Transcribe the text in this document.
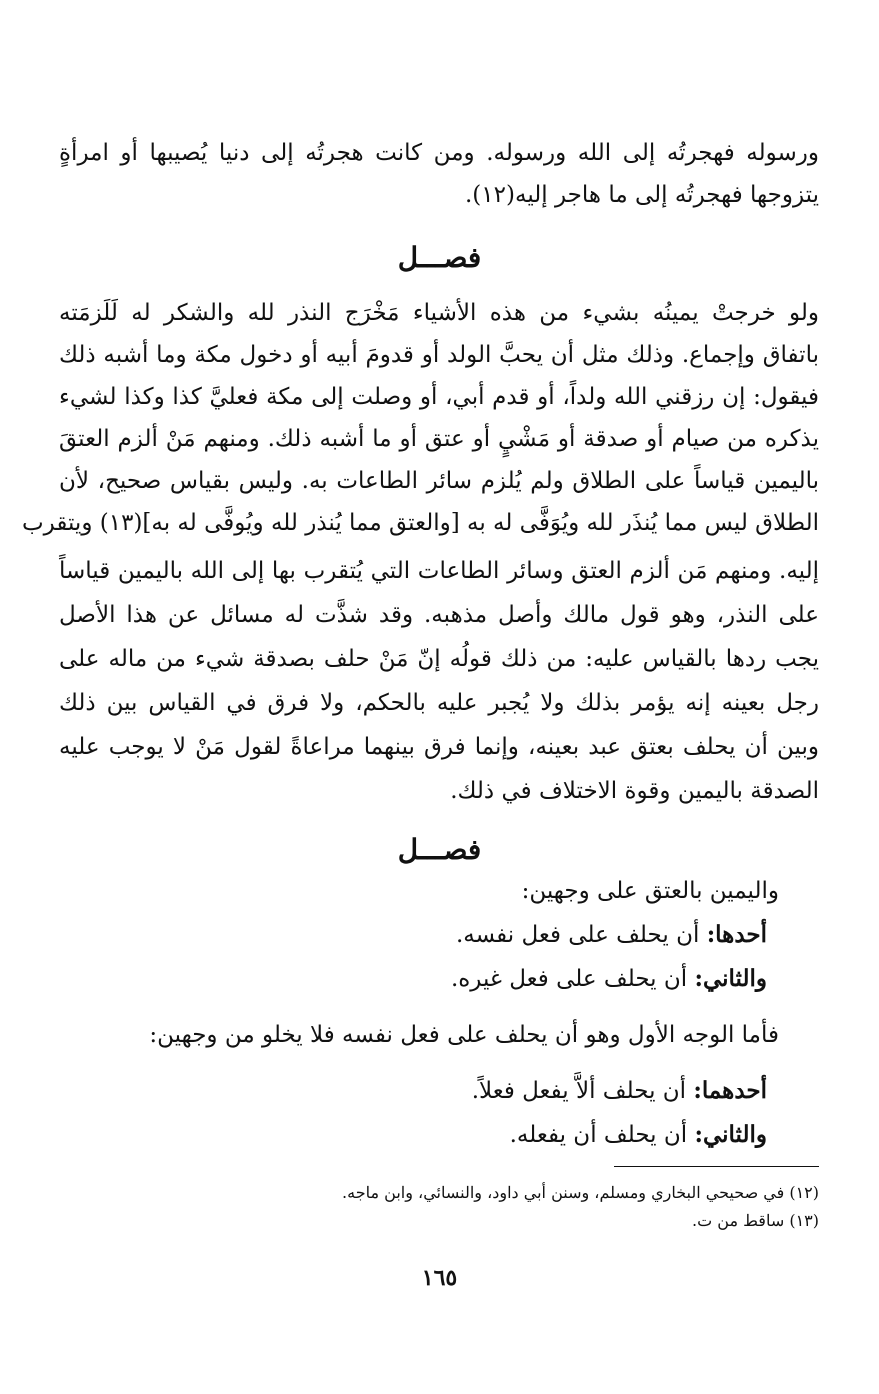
ورسوله فهجرتُه إلى الله ورسوله. ومن كانت هجرتُه إلى دنيا يُصيبها أو امرأةٍ
يتزوجها فهجرتُه إلى ما هاجر إليه(١٢).
فصـــل
ولو خرجتْ يمينُه بشيء من هذه الأشياء مَخْرَج النذر لله والشكر له لَلَزمَته
باتفاق وإجماع. وذلك مثل أن يحبَّ الولد أو قدومَ أبيه أو دخول مكة وما أشبه ذلك
فيقول: إن رزقني الله ولداً، أو قدم أبي، أو وصلت إلى مكة فعليَّ كذا وكذا لشيء
يذكره من صيام أو صدقة أو مَشْيٍ أو عتق أو ما أشبه ذلك. ومنهم مَنْ ألزم العتقَ
باليمين قياساً على الطلاق ولم يُلزم سائر الطاعات به. وليس بقياس صحيح، لأن
الطلاق ليس مما يُنذَر لله ويُوَفَّى له به [والعتق مما يُنذر لله ويُوفَّى له به](١٣) ويتقرب
إليه. ومنهم مَن ألزم العتق وسائر الطاعات التي يُتقرب بها إلى الله باليمين قياساً
على النذر، وهو قول مالك وأصل مذهبه. وقد شذَّت له مسائل عن هذا الأصل
يجب ردها بالقياس عليه: من ذلك قولُه إنّ مَنْ حلف بصدقة شيء من ماله على
رجل بعينه إنه يؤمر بذلك ولا يُجبر عليه بالحكم، ولا فرق في القياس بين ذلك
وبين أن يحلف بعتق عبد بعينه، وإنما فرق بينهما مراعاةً لقول مَنْ لا يوجب عليه
الصدقة باليمين وقوة الاختلاف في ذلك.
فصـــل
واليمين بالعتق على وجهين:
أحدها: أن يحلف على فعل نفسه.
والثاني: أن يحلف على فعل غيره.
فأما الوجه الأول وهو أن يحلف على فعل نفسه فلا يخلو من وجهين:
أحدهما: أن يحلف ألاَّ يفعل فعلاً.
والثاني: أن يحلف أن يفعله.
(١٢) في صحيحي البخاري ومسلم، وسنن أبي داود، والنسائي، وابن ماجه.
(١٣) ساقط من ت.
١٦٥
